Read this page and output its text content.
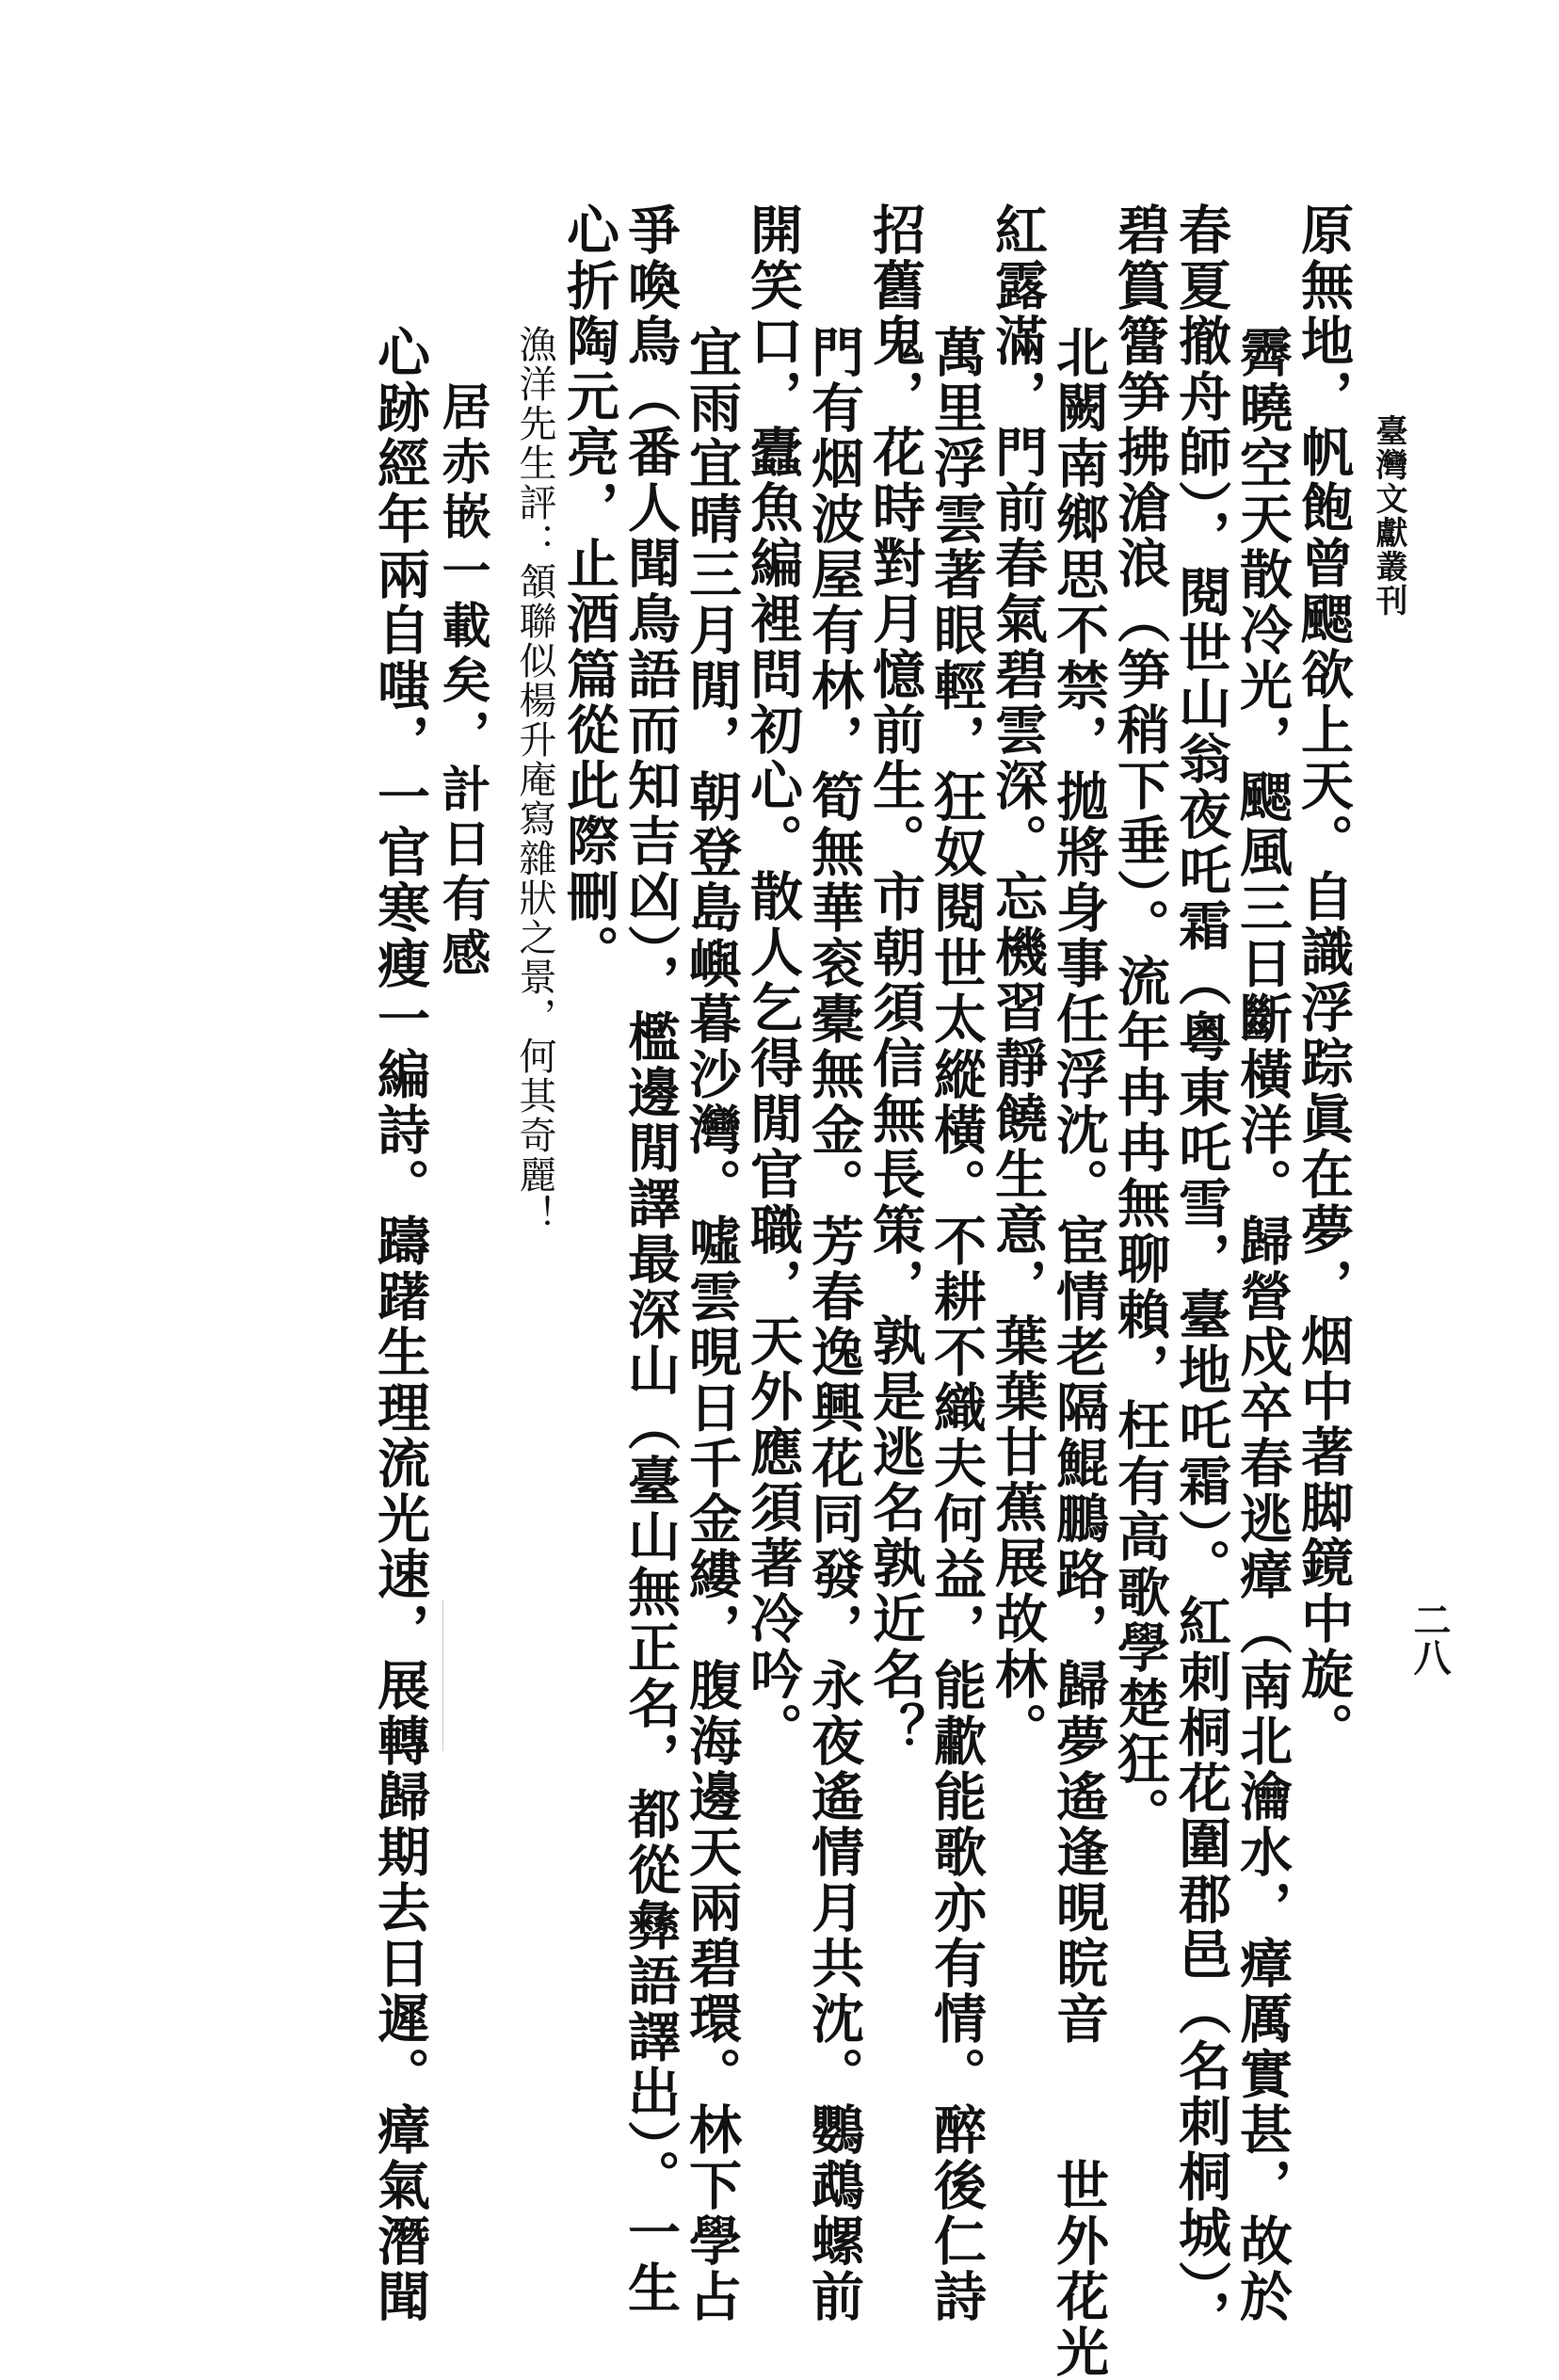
臺灣文獻叢刊
二八
原無地，帆飽曾颸欲上天。自識浮踪眞在夢，烟中著脚鏡中旋。
霽曉空天散冷光，颸風三日斷橫洋。歸營戍卒春逃瘴（南北瀹水，瘴厲實甚，故於
春夏撤舟師），閱世山翁夜吒霜（粵東吒雪，臺地吒霜）。紅刺桐花圍郡邑（名刺桐城），
碧篔簹笋拂滄浪（笋稍下垂）。流年冉冉無聊賴，枉有高歌學楚狂。
北闕南鄉思不禁，拋將身事任浮沈。宦情老隔鯤鵬路，歸夢遙逢晛睆音　　世外花光
紅露滿，門前春氣碧雲深。忘機習靜饒生意，葉葉甘蕉展故林。
萬里浮雲著眼輕，狂奴閱世太縱橫。不耕不織夫何益，能歗能歌亦有情。醉後仁詩
招舊鬼，花時對月憶前生。市朝須信無長策，孰是逃名孰近名？
門有烟波屋有林，筍無華衮橐無金。芳春逸興花同發，永夜遙情月共沈。鸚鵡螺前
開笑口，蠹魚編裡問初心。散人乞得閒官職，天外應須著冷吟。
宜雨宜晴三月閒，朝登島嶼暮沙灣。噓雲晛日千金縷，腹海邊天兩碧環。林下學占
爭喚鳥（番人聞鳥語而知吉凶），檻邊閒譯最深山（臺山無正名，都從彝語譯出）。一生
心折陶元亮，止酒篇從此際刪。
漁洋先生評：頷聯似楊升庵寫雜狀之景，何其奇麗！
居赤嵌一載矣，計日有感
心跡經年兩自嗤，一官寒瘦一編詩。躊躇生理流光速，展轉歸期去日遲。瘴氣潛聞
